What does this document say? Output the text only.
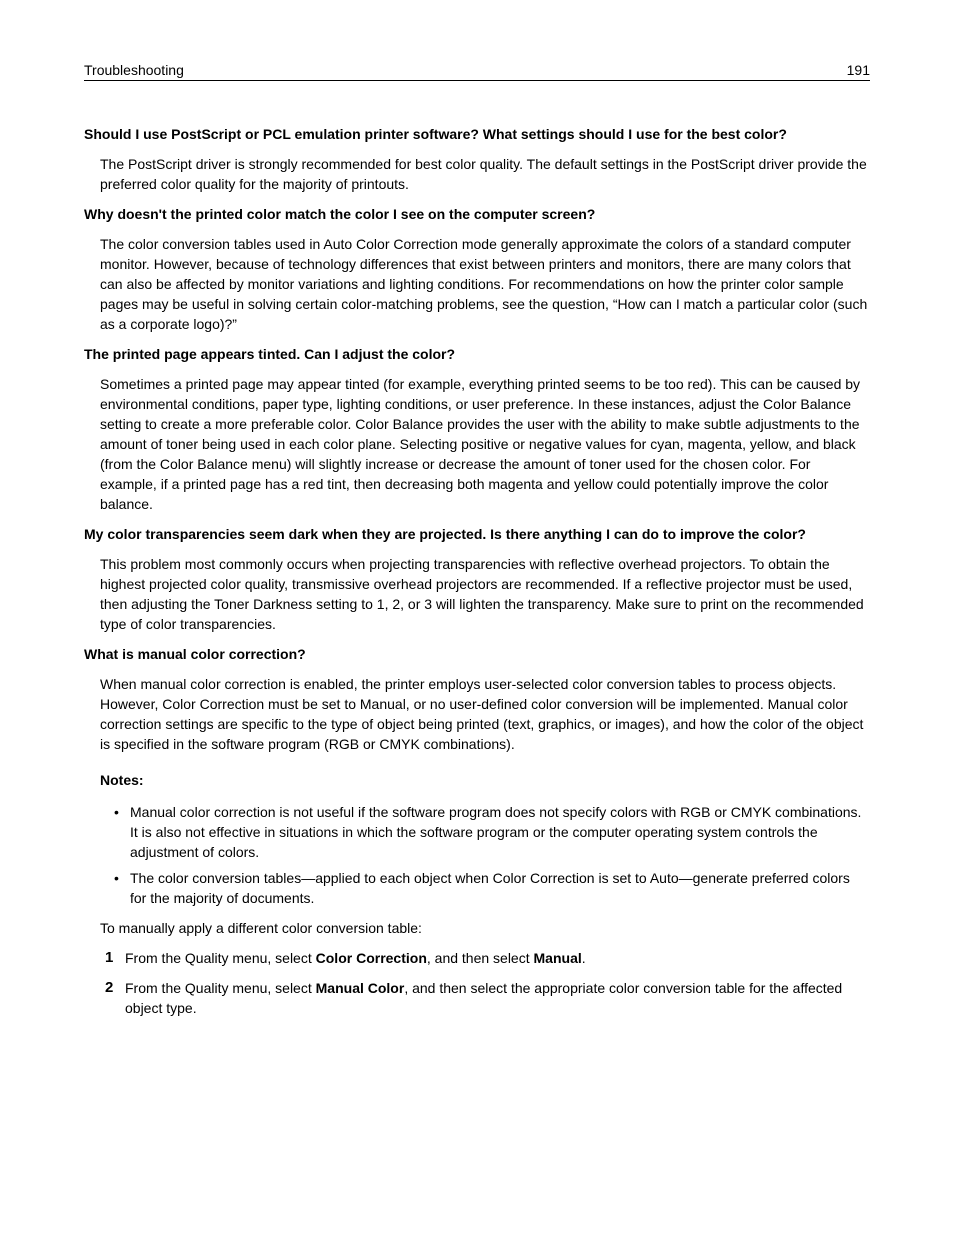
Troubleshooting	191

Should I use PostScript or PCL emulation printer software? What settings should I use for the best color?

The PostScript driver is strongly recommended for best color quality. The default settings in the PostScript driver provide the preferred color quality for the majority of printouts.

Why doesn't the printed color match the color I see on the computer screen?

The color conversion tables used in Auto Color Correction mode generally approximate the colors of a standard computer monitor. However, because of technology differences that exist between printers and monitors, there are many colors that can also be affected by monitor variations and lighting conditions. For recommendations on how the printer color sample pages may be useful in solving certain color-matching problems, see the question, “How can I match a particular color (such as a corporate logo)?”

The printed page appears tinted. Can I adjust the color?

Sometimes a printed page may appear tinted (for example, everything printed seems to be too red). This can be caused by environmental conditions, paper type, lighting conditions, or user preference. In these instances, adjust the Color Balance setting to create a more preferable color. Color Balance provides the user with the ability to make subtle adjustments to the amount of toner being used in each color plane. Selecting positive or negative values for cyan, magenta, yellow, and black (from the Color Balance menu) will slightly increase or decrease the amount of toner used for the chosen color. For example, if a printed page has a red tint, then decreasing both magenta and yellow could potentially improve the color balance.

My color transparencies seem dark when they are projected. Is there anything I can do to improve the color?

This problem most commonly occurs when projecting transparencies with reflective overhead projectors. To obtain the highest projected color quality, transmissive overhead projectors are recommended. If a reflective projector must be used, then adjusting the Toner Darkness setting to 1, 2, or 3 will lighten the transparency. Make sure to print on the recommended type of color transparencies.

What is manual color correction?

When manual color correction is enabled, the printer employs user-selected color conversion tables to process objects. However, Color Correction must be set to Manual, or no user-defined color conversion will be implemented. Manual color correction settings are specific to the type of object being printed (text, graphics, or images), and how the color of the object is specified in the software program (RGB or CMYK combinations).

Notes:

• Manual color correction is not useful if the software program does not specify colors with RGB or CMYK combinations. It is also not effective in situations in which the software program or the computer operating system controls the adjustment of colors.
• The color conversion tables—applied to each object when Color Correction is set to Auto—generate preferred colors for the majority of documents.

To manually apply a different color conversion table:

1 From the Quality menu, select Color Correction, and then select Manual.
2 From the Quality menu, select Manual Color, and then select the appropriate color conversion table for the affected object type.
